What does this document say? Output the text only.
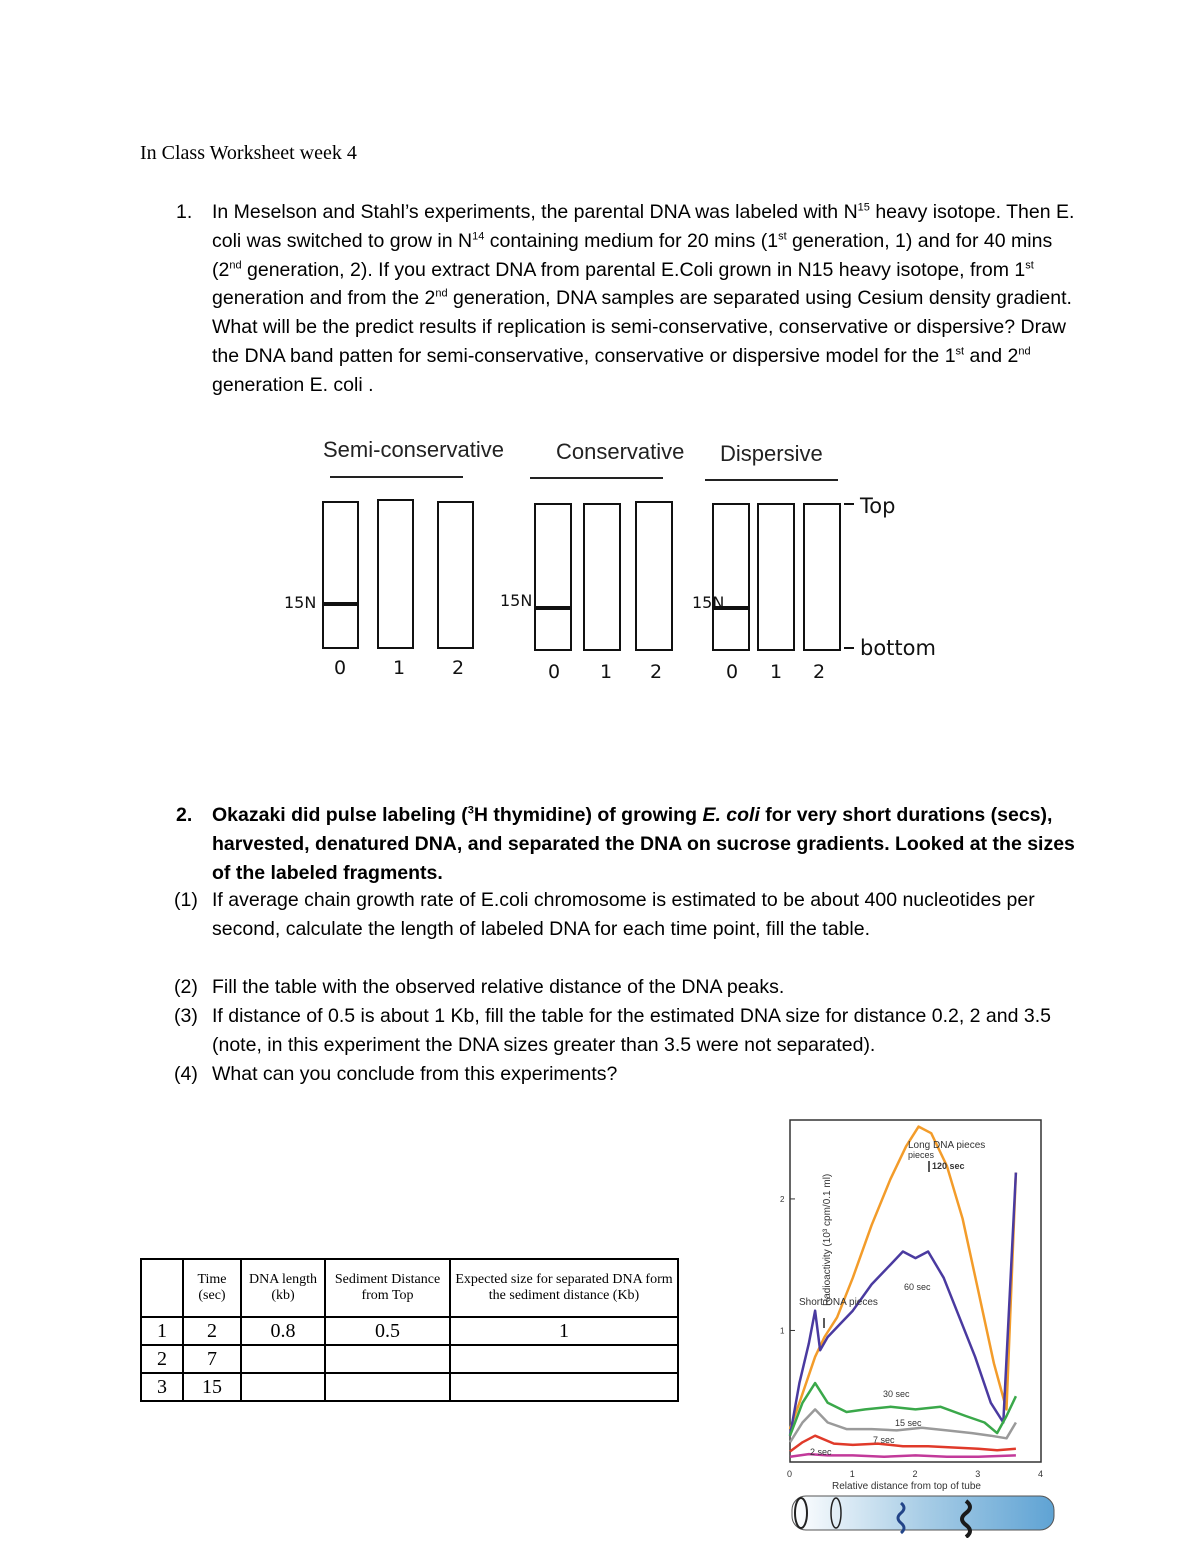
In Class Worksheet week 4
1. In Meselson and Stahl’s experiments, the parental DNA was labeled with $N^{15}$ heavy isotope. Then E. coli was switched to grow in $N^{14}$ containing medium for 20 mins (1st generation, 1) and for 40 mins (2nd generation, 2). If you extract DNA from parental E.Coli grown in N15 heavy isotope, from 1st generation and from the 2nd generation, DNA samples are separated using Cesium density gradient. What will be the predict results if replication is semi-conservative, conservative or dispersive? Draw the DNA band patten for semi-conservative, conservative or dispersive model for the 1st and 2nd generation E. coli .
Semi-conservative Conservative Dispersive
Top
bottom
15N	15N	15N
0 1 2	0 1 2	0 1 2
2. Okazaki did pulse labeling ($^3$H thymidine) of growing E. coli for very short durations (secs), harvested, denatured DNA, and separated the DNA on sucrose gradients. Looked at the sizes of the labeled fragments.
(1) If average chain growth rate of E.coli chromosome is estimated to be about 400 nucleotides per second, calculate the length of labeled DNA for each time point, fill the table.
(2) Fill the table with the observed relative distance of the DNA peaks.
(3) If distance of 0.5 is about 1 Kb, fill the table for the estimated DNA size for distance 0.2, 2 and 3.5 (note, in this experiment the DNA sizes greater than 3.5 were not separated).
(4) What can you conclude from this experiments?
	Time (sec)	DNA length (kb)	Sediment Distance from Top	Expected size for separated DNA form the sediment distance (Kb)
1	2	0.8	0.5	1
2	7			
3	15			
0	1	2	3	4
1
2	Radioactivity (10³ cpm/0.1 ml)
Relative distance from top of tube
Long DNA pieces
pieces
120 sec
Short DNA pieces
60 sec
30 sec
15 sec
7 sec
2 sec
